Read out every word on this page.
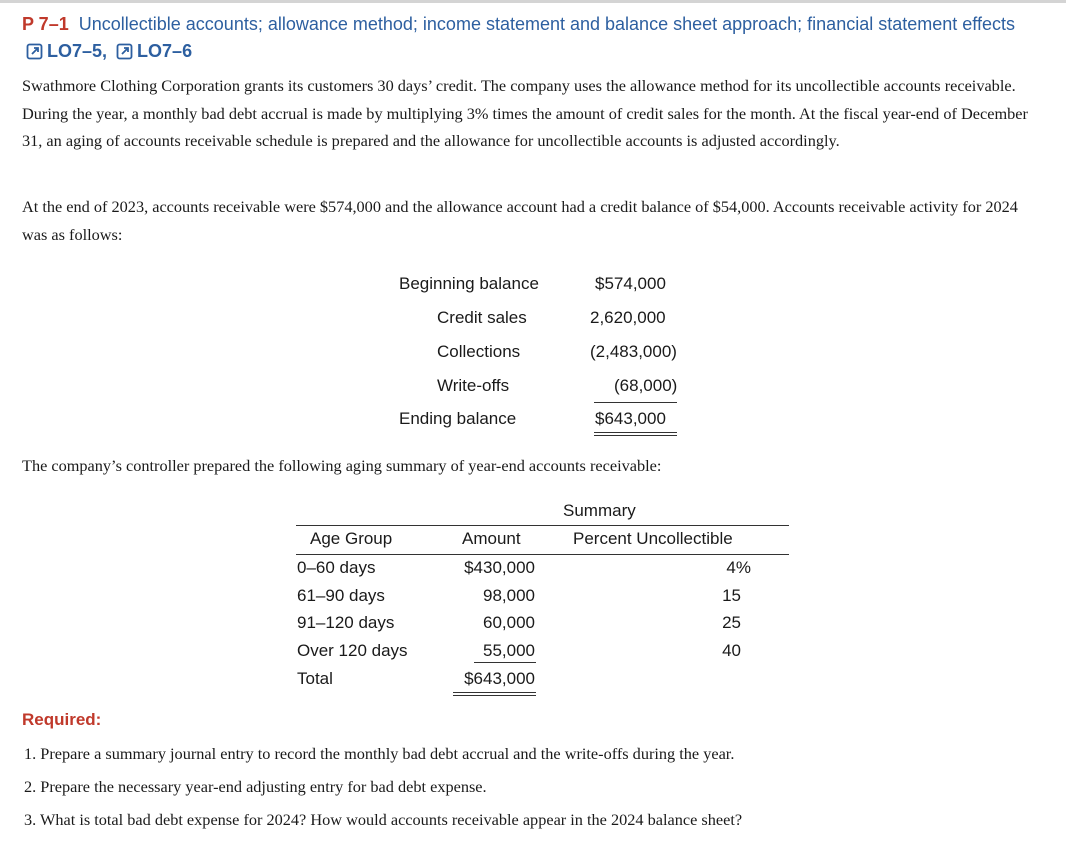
P 7–1 Uncollectible accounts; allowance method; income statement and balance sheet approach; financial statement effects LO7–5, LO7–6

Swathmore Clothing Corporation grants its customers 30 days’ credit. The company uses the allowance method for its uncollectible accounts receivable. During the year, a monthly bad debt accrual is made by multiplying 3% times the amount of credit sales for the month. At the fiscal year-end of December 31, an aging of accounts receivable schedule is prepared and the allowance for uncollectible accounts is adjusted accordingly.

At the end of 2023, accounts receivable were $574,000 and the allowance account had a credit balance of $54,000. Accounts receivable activity for 2024 was as follows:

Beginning balance	$574,000
Credit sales	2,620,000
Collections	(2,483,000)
Write-offs	(68,000)
Ending balance	$643,000

The company’s controller prepared the following aging summary of year-end accounts receivable:

Summary
Age Group	Amount	Percent Uncollectible
0–60 days	$430,000	4%
61–90 days	98,000	15
91–120 days	60,000	25
Over 120 days	55,000	40
Total	$643,000
Required:
1. Prepare a summary journal entry to record the monthly bad debt accrual and the write-offs during the year.
2. Prepare the necessary year-end adjusting entry for bad debt expense.
3. What is total bad debt expense for 2024? How would accounts receivable appear in the 2024 balance sheet?
